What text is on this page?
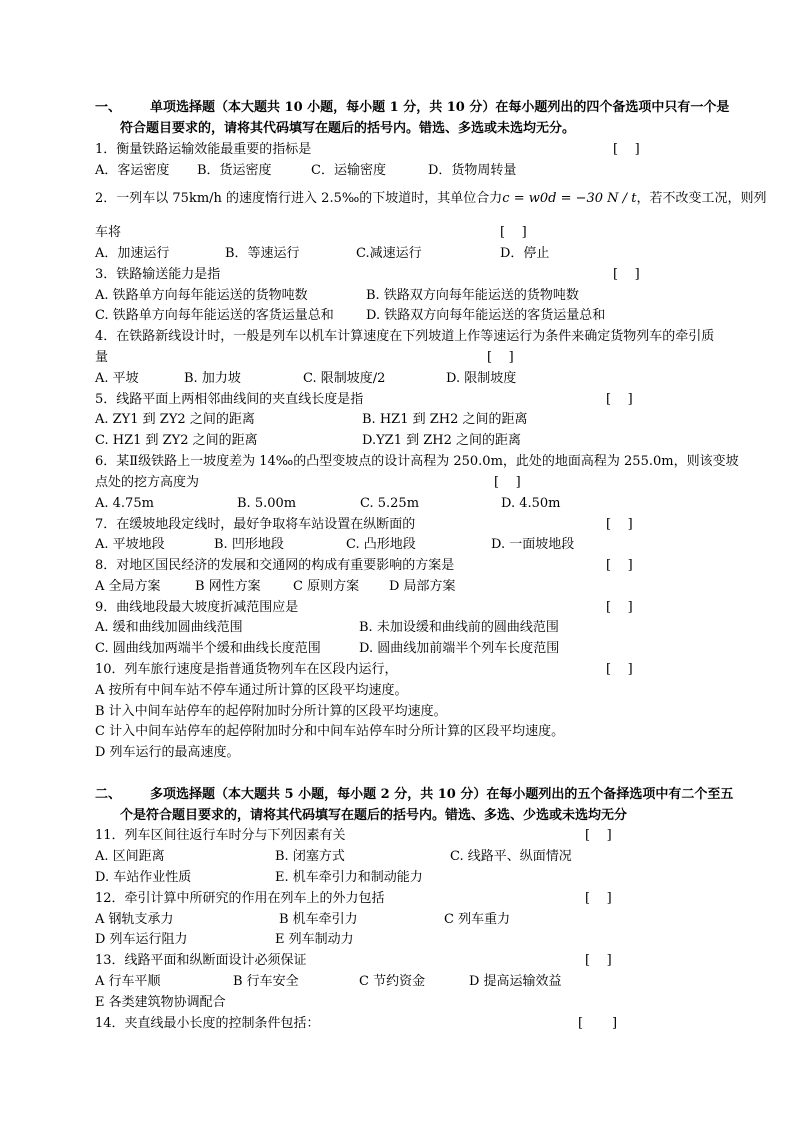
一、 单项选择题（本大题共 10 小题，每小题 1 分，共 10 分）在每小题列出的四个备选项中只有一个是
符合题目要求的，请将其代码填写在题后的括号内。错选、多选或未选均无分。
1．衡量铁路运输效能最重要的指标是	[    ]
A．客运密度 B．货运密度	C．运输密度	D．货物周转量
2．一列车以 75km/h 的速度惰行进入 2.5‰的下坡道时，其单位合力c = w0d = −30 N / t，若不改变工况，则列
车将	[    ]
A．加速运行	B．等速运行	C.减速运行	D．停止
3．铁路输送能力是指	[    ]
A. 铁路单方向每年能运送的货物吨数	B. 铁路双方向每年能运送的货物吨数
C. 铁路单方向每年能运送的客货运量总和 D. 铁路双方向每年能运送的客货运量总和
4．在铁路新线设计时，一般是列车以机车计算速度在下列坡道上作等速运行为条件来确定货物列车的牵引质
量	[    ]
A. 平坡	B. 加力坡	C. 限制坡度/2	D. 限制坡度
5．线路平面上两相邻曲线间的夹直线长度是指	[    ]
A. ZY1 到 ZY2 之间的距离	B. HZ1 到 ZH2 之间的距离
C. HZ1 到 ZY2 之间的距离	D.YZ1 到 ZH2 之间的距离
6．某Ⅱ级铁路上一坡度差为 14‰的凸型变坡点的设计高程为 250.0m，此处的地面高程为 255.0m，则该变坡
点处的挖方高度为	[    ]
A. 4.75m	B. 5.00m	C. 5.25m	D. 4.50m
7．在缓坡地段定线时，最好争取将车站设置在纵断面的	[    ]
A. 平坡地段	B. 凹形地段	C. 凸形地段	D. 一面坡地段
8．对地区国民经济的发展和交通网的构成有重要影响的方案是	[    ]
A 全局方案	B 网性方案 C 原则方案 D 局部方案
9．曲线地段最大坡度折减范围应是	[    ]
A. 缓和曲线加圆曲线范围	B. 未加设缓和曲线前的圆曲线范围
C. 圆曲线加两端半个缓和曲线长度范围	D. 圆曲线加前端半个列车长度范围
10．列车旅行速度是指普通货物列车在区段内运行，	[    ]
A 按所有中间车站不停车通过所计算的区段平均速度。
B 计入中间车站停车的起停附加时分所计算的区段平均速度。
C 计入中间车站停车的起停附加时分和中间车站停车时分所计算的区段平均速度。
D 列车运行的最高速度。
二、 多项选择题（本大题共 5 小题，每小题 2 分，共 10 分）在每小题列出的五个备择选项中有二个至五
个是符合题目要求的，请将其代码填写在题后的括号内。错选、多选、少选或未选均无分
11．列车区间往返行车时分与下列因素有关	[    ]
A. 区间距离	B. 闭塞方式	C. 线路平、纵面情况
D. 车站作业性质	E. 机车牵引力和制动能力
12．牵引计算中所研究的作用在列车上的外力包括	[    ]
A 钢轨支承力	B 机车牵引力	C 列车重力
D 列车运行阻力	E 列车制动力
13．线路平面和纵断面设计必须保证	[    ]
A 行车平顺	B 行车安全	C 节约资金	D 提高运输效益
E 各类建筑物协调配合
14．夹直线最小长度的控制条件包括：	[       ]
